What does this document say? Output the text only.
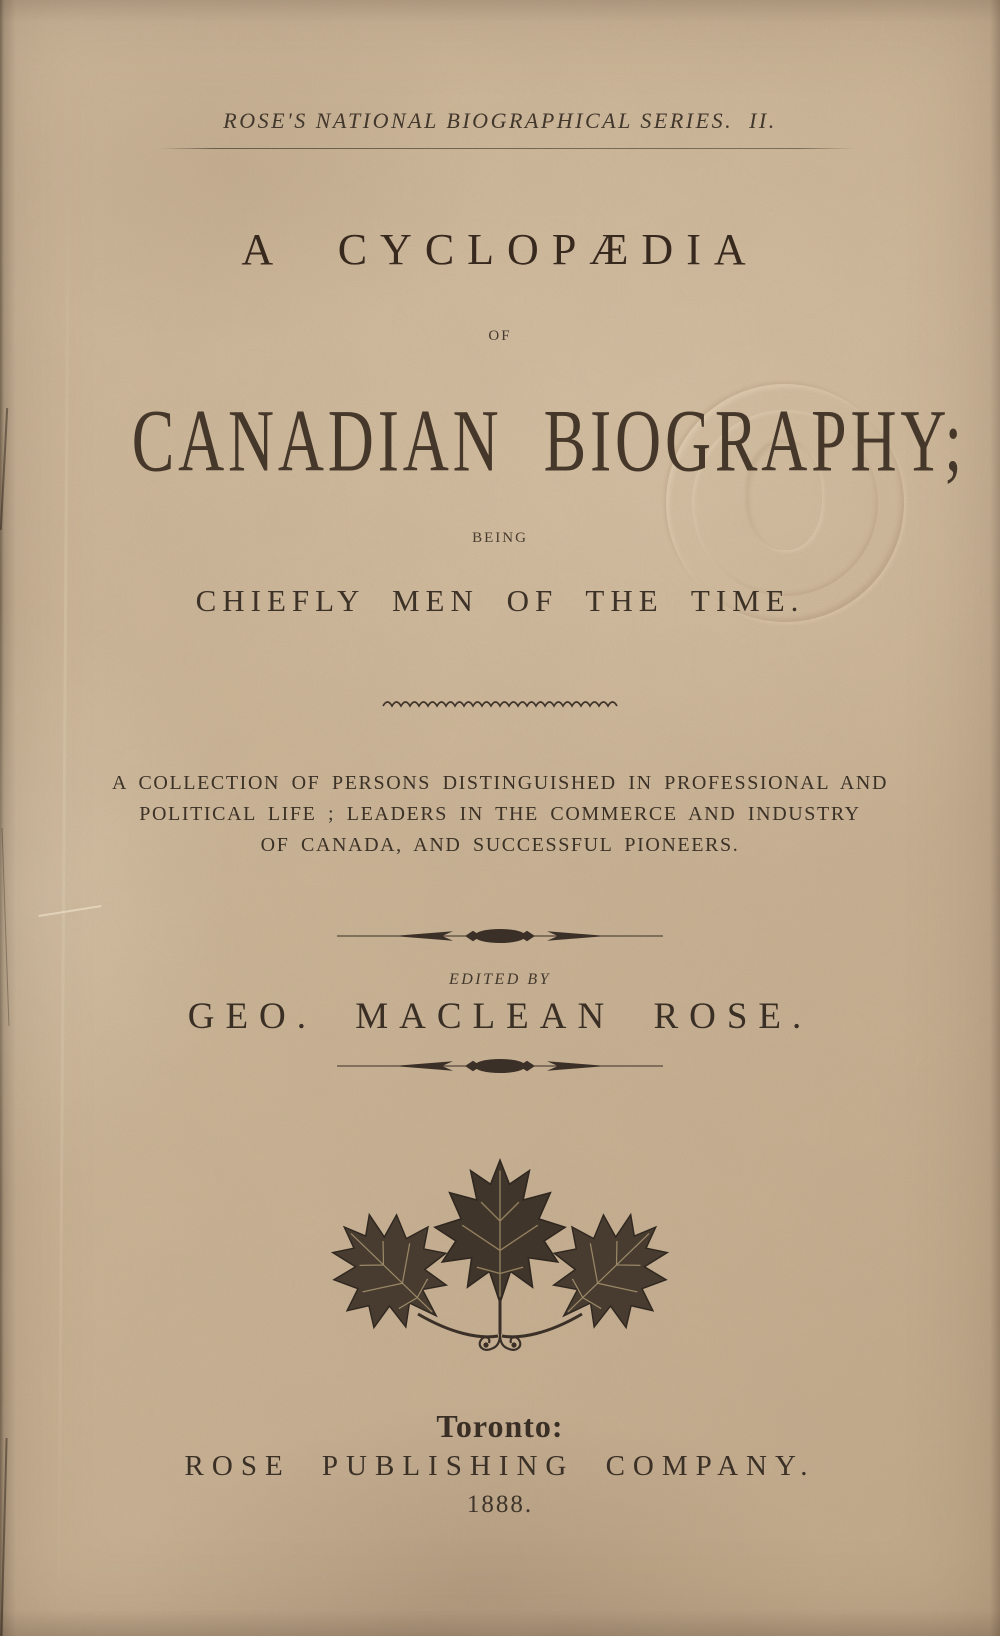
ROSE'S NATIONAL BIOGRAPHICAL SERIES.  II.
A CYCLOPÆDIA
OF
CANADIAN BIOGRAPHY;
BEING
CHIEFLY MEN OF THE TIME.
A COLLECTION OF PERSONS DISTINGUISHED IN PROFESSIONAL AND
POLITICAL LIFE ; LEADERS IN THE COMMERCE AND INDUSTRY
OF CANADA, AND SUCCESSFUL PIONEERS.
EDITED BY
GEO. MACLEAN ROSE.
Toronto:
ROSE PUBLISHING COMPANY.
1888.
